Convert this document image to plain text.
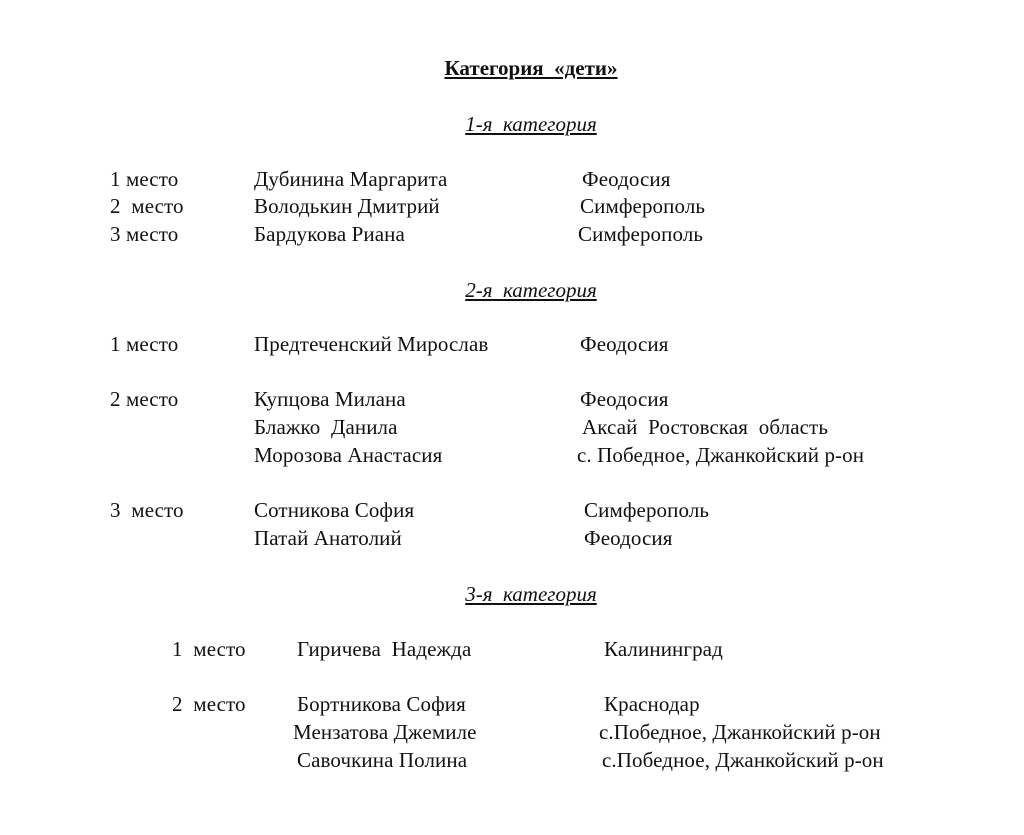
Категория  «дети»
1-я  категория
1 место	Дубинина Маргарита	Феодосия
2  место	Володькин Дмитрий	Симферополь
3 место	Бардукова Риана	Симферополь
2-я  категория
1 место	Предтеченский Мирослав	Феодосия
2 место	Купцова Милана	Феодосия
Блажко  Данила	Аксай  Ростовская  область
Морозова Анастасия	с. Победное, Джанкойский р-он
3  место	Сотникова София	Симферополь
Патай Анатолий	Феодосия
3-я  категория
1  место Гиричева  Надежда	Калининград
2  место Бортникова София	Краснодар
Мензатова Джемиле	с.Победное, Джанкойский р-он
Савочкина Полина	с.Победное, Джанкойский р-он
